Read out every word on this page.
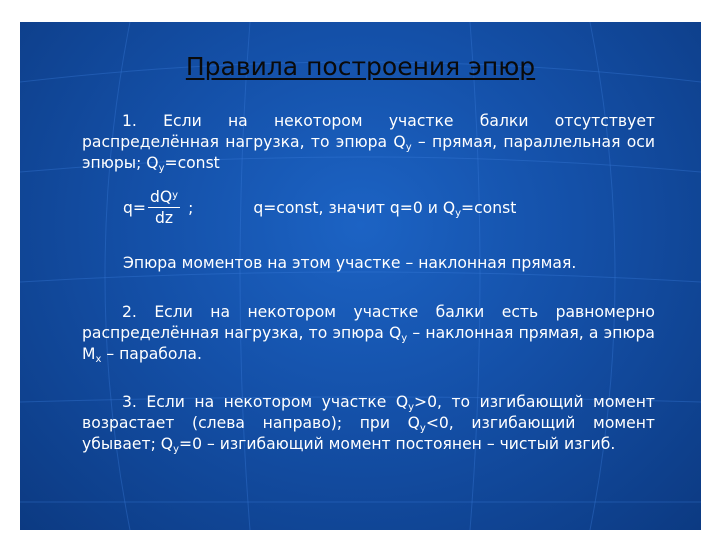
Правила построения эпюр
1. Если на некотором участке балки отсутствует распределённая нагрузка, то эпюра $Q_y$ – прямая, параллельная оси эпюры; $Q_y=const$
$q= \frac{dQ^y}{dz}$ ;	q=const, значит q=0 и $Q_y=const$
Эпюра моментов на этом участке – наклонная прямая.
2. Если на некотором участке балки есть равномерно распределённая нагрузка, то эпюра $Q_y$ – наклонная прямая, а эпюра $M_x$ – парабола.
3. Если на некотором участке $Q_y>0$, то изгибающий момент возрастает (слева направо); при $Q_y<0$, изгибающий момент убывает; $Q_y=0$ – изгибающий момент постоянен – чистый изгиб.
